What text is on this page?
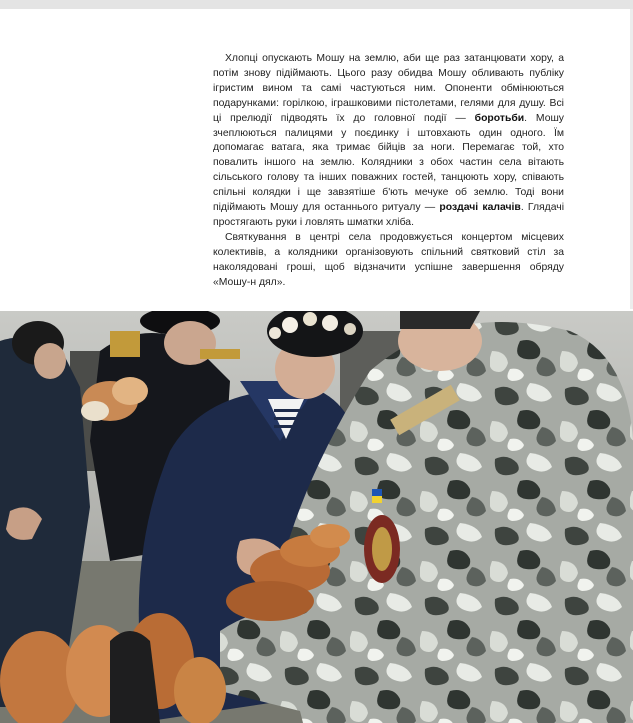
Хлопці опускають Мошу на землю, аби ще раз затанцювати хору, а потім знову підіймають. Цього разу обидва Мошу обливають публіку ігристим вином та самі частуються ним. Опоненти обмінюються подарунками: горілкою, іграшковими пістолетами, гелями для душу. Всі ці прелюдії підводять їх до головної події — боротьби. Мошу зчеплюються палицями у поєдинку і штовхають один одного. Їм допомагає ватага, яка тримає бійців за ноги. Перемагає той, хто повалить іншого на землю. Колядники з обох частин села вітають сільського голову та інших поважних гостей, танцюють хору, співають спільні колядки і ще завзятіше б'ють мечуке об землю. Тоді вони підіймають Мошу для останнього ритуалу — роздачі калачів. Глядачі простягають руки і ловлять шматки хліба.

Святкування в центрі села продовжується концертом місцевих колективів, а колядники організовують спільний святковий стіл за наколядовані гроші, щоб відзначити успішне завершення обряду «Мошу-н дял».
